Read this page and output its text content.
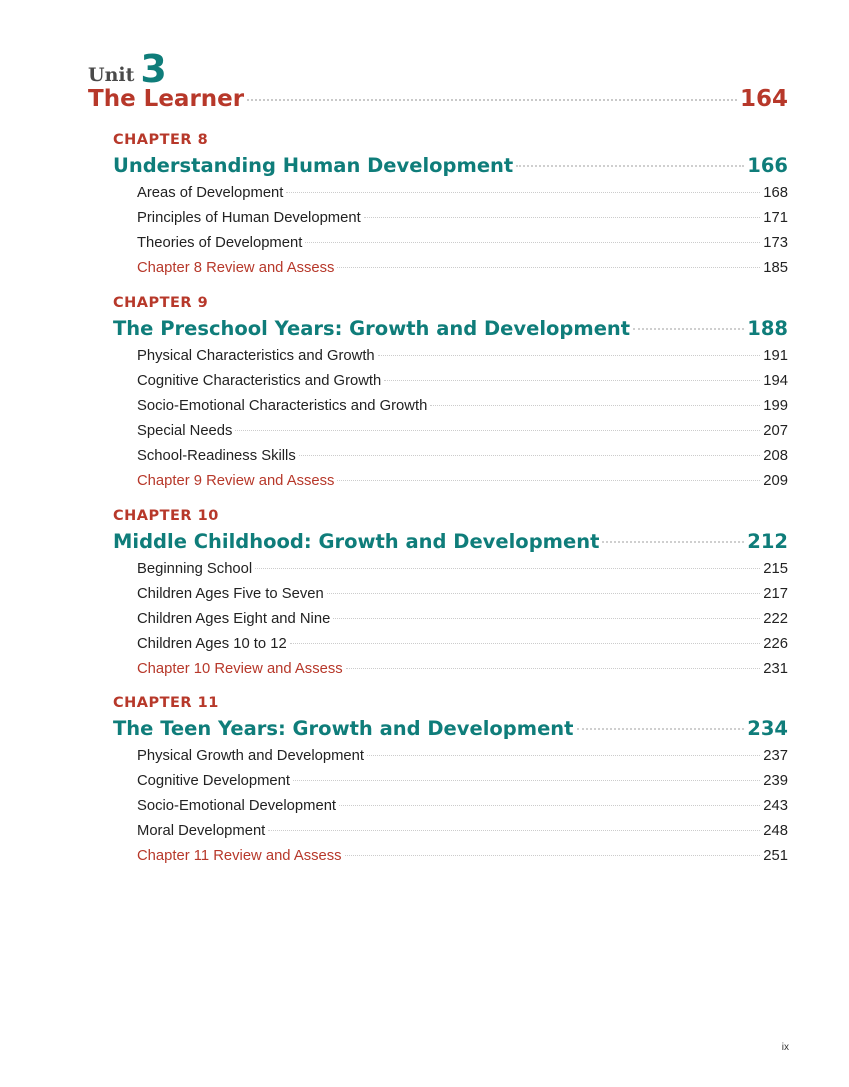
Unit 3
The Learner	164
CHAPTER 8
Understanding Human Development	166
Areas of Development	168
Principles of Human Development	171
Theories of Development	173
Chapter 8 Review and Assess	185
CHAPTER 9
The Preschool Years: Growth and Development	188
Physical Characteristics and Growth	191
Cognitive Characteristics and Growth	194
Socio-Emotional Characteristics and Growth	199
Special Needs	207
School-Readiness Skills	208
Chapter 9 Review and Assess	209
CHAPTER 10
Middle Childhood: Growth and Development	212
Beginning School	215
Children Ages Five to Seven	217
Children Ages Eight and Nine	222
Children Ages 10 to 12	226
Chapter 10 Review and Assess	231
CHAPTER 11
The Teen Years: Growth and Development	234
Physical Growth and Development	237
Cognitive Development	239
Socio-Emotional Development	243
Moral Development	248
Chapter 11 Review and Assess	251
ix
